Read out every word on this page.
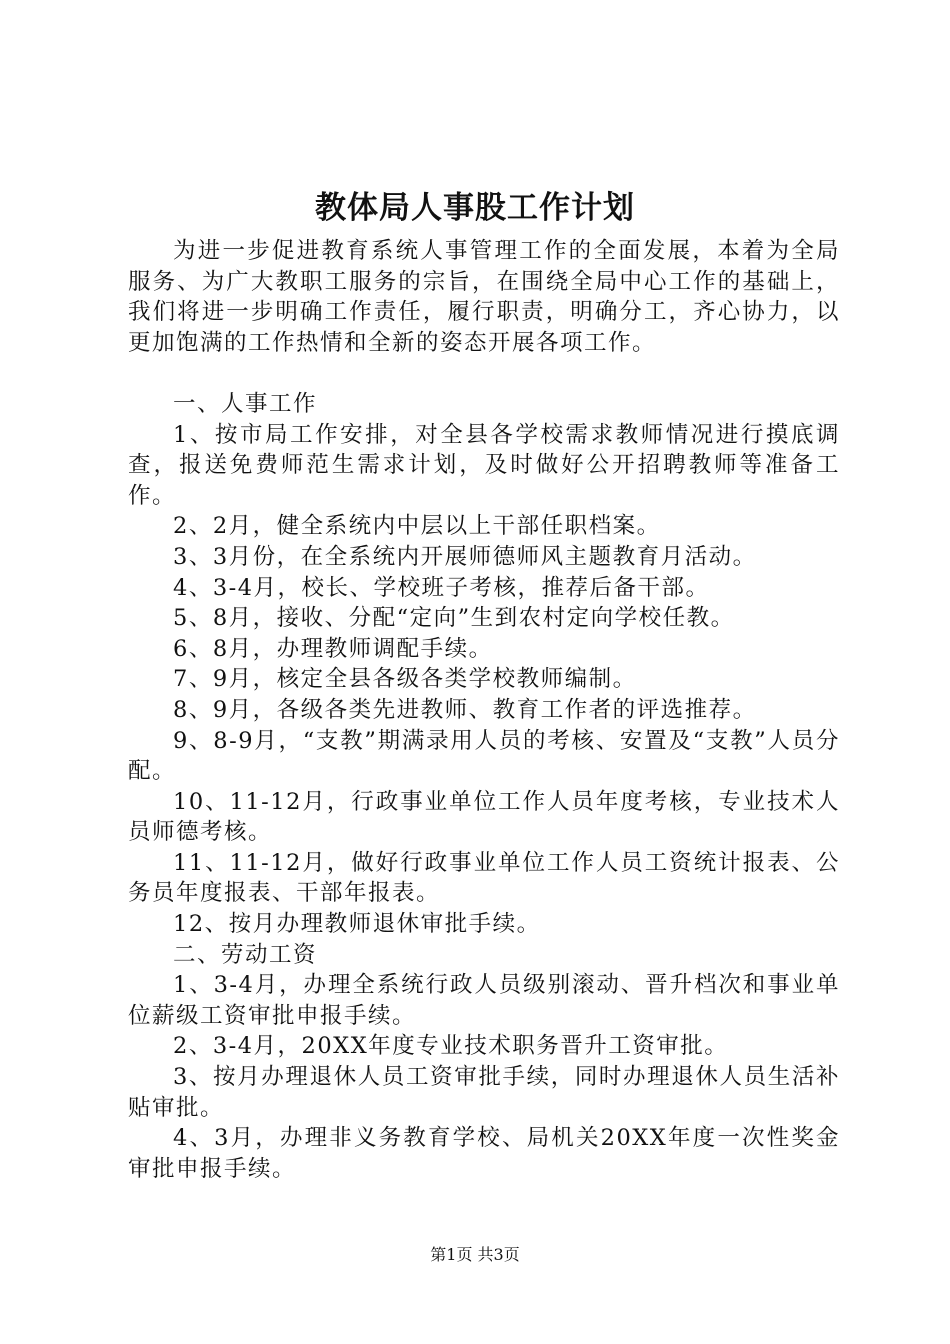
教体局人事股工作计划

为进一步促进教育系统人事管理工作的全面发展，本着为全局服务、为广大教职工服务的宗旨，在围绕全局中心工作的基础上，我们将进一步明确工作责任，履行职责，明确分工，齐心协力，以更加饱满的工作热情和全新的姿态开展各项工作。

一、人事工作

1、按市局工作安排，对全县各学校需求教师情况进行摸底调查，报送免费师范生需求计划，及时做好公开招聘教师等准备工作。

2、2月，健全系统内中层以上干部任职档案。

3、3月份，在全系统内开展师德师风主题教育月活动。

4、3-4月，校长、学校班子考核，推荐后备干部。

5、8月，接收、分配“定向”生到农村定向学校任教。

6、8月，办理教师调配手续。

7、9月，核定全县各级各类学校教师编制。

8、9月，各级各类先进教师、教育工作者的评选推荐。

9、8-9月，“支教”期满录用人员的考核、安置及“支教”人员分配。

10、11-12月，行政事业单位工作人员年度考核，专业技术人员师德考核。

11、11-12月，做好行政事业单位工作人员工资统计报表、公务员年度报表、干部年报表。

12、按月办理教师退休审批手续。

二、劳动工资

1、3-4月，办理全系统行政人员级别滚动、晋升档次和事业单位薪级工资审批申报手续。

2、3-4月，20XX年度专业技术职务晋升工资审批。

3、按月办理退休人员工资审批手续，同时办理退休人员生活补贴审批。

4、3月，办理非义务教育学校、局机关20XX年度一次性奖金审批申报手续。

第1页 共3页
